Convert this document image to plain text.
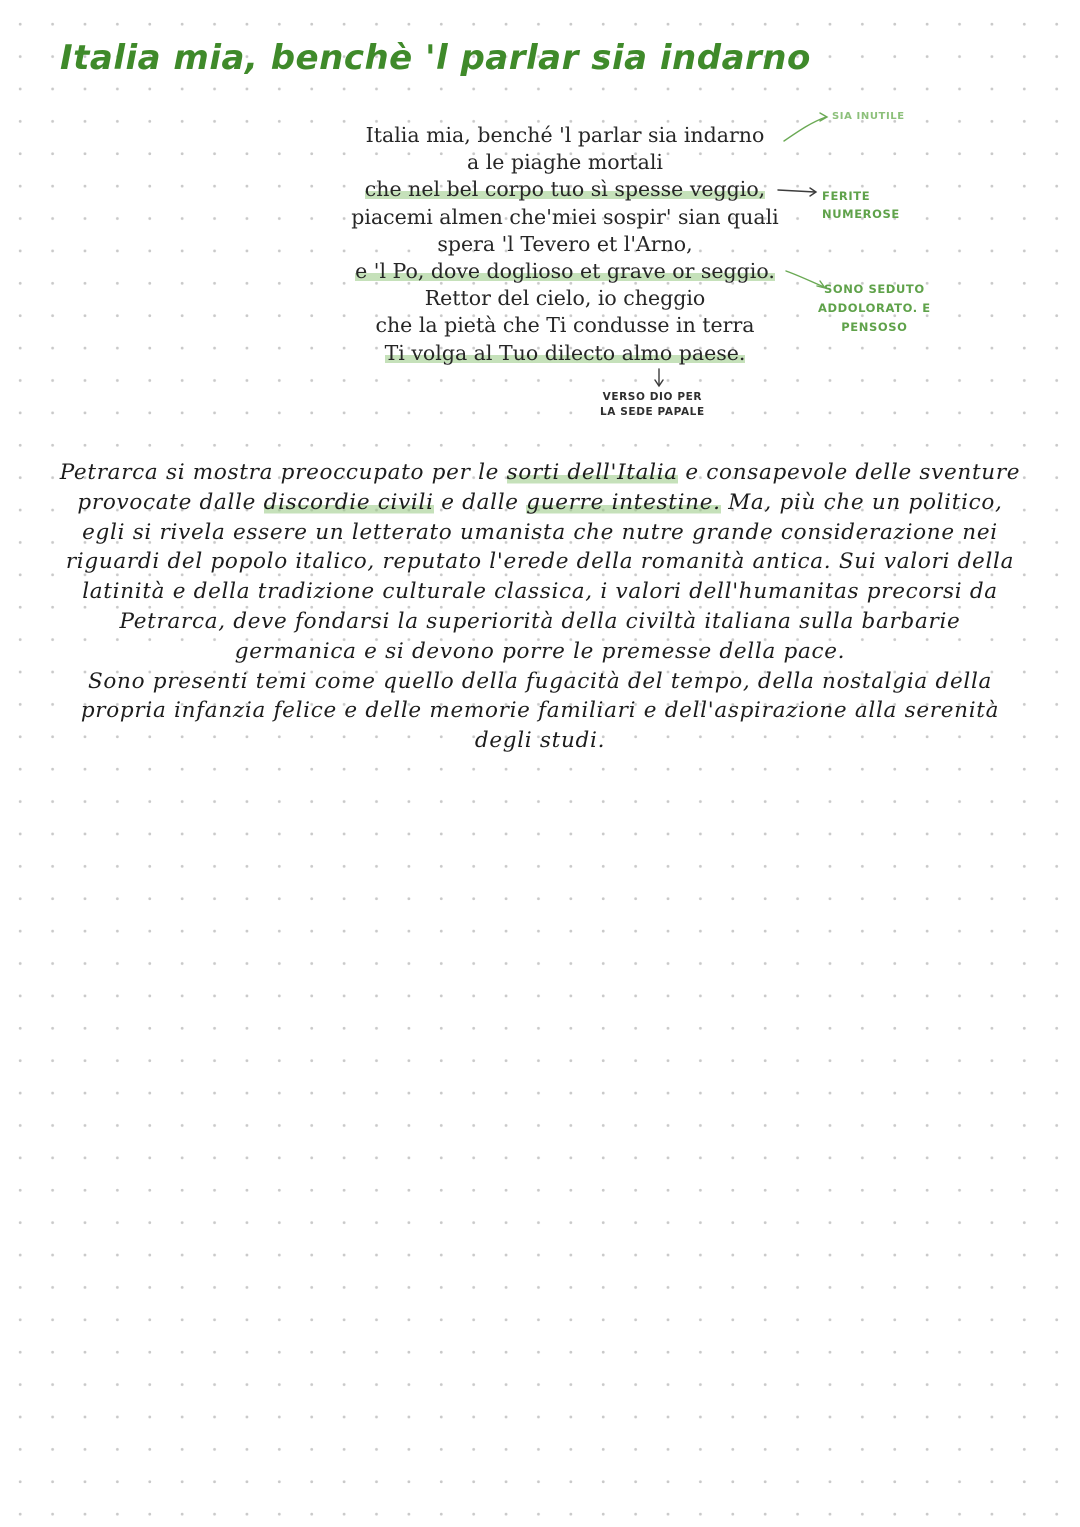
Italia mia, benchè 'l parlar sia indarno
Italia mia, benché 'l parlar sia indarno
a le piaghe mortali
che nel bel corpo tuo sì spesse veggio,
piacemi almen che'miei sospir' sian quali
spera 'l Tevero et l'Arno,
e 'l Po, dove doglioso et grave or seggio.
Rettor del cielo, io cheggio
che la pietà che Ti condusse in terra
Ti volga al Tuo dilecto almo paese.
SIA INUTILE
FERITE
NUMEROSE
SONO SEDUTO
ADDOLORATO. E
PENSOSO
VERSO DIO PER
LA SEDE PAPALE

Petrarca si mostra preoccupato per le sorti dell'Italia e consapevole delle sventure provocate dalle discordie civili e dalle guerre intestine. Ma, più che un politico, egli si rivela essere un letterato umanista che nutre grande considerazione nei riguardi del popolo italico, reputato l'erede della romanità antica. Sui valori della latinità e della tradizione culturale classica, i valori dell'humanitas precorsi da Petrarca, deve fondarsi la superiorità della civiltà italiana sulla barbarie germanica e si devono porre le premesse della pace.
Sono presenti temi come quello della fugacità del tempo, della nostalgia della propria infanzia felice e delle memorie familiari e dell'aspirazione alla serenità degli studi.
